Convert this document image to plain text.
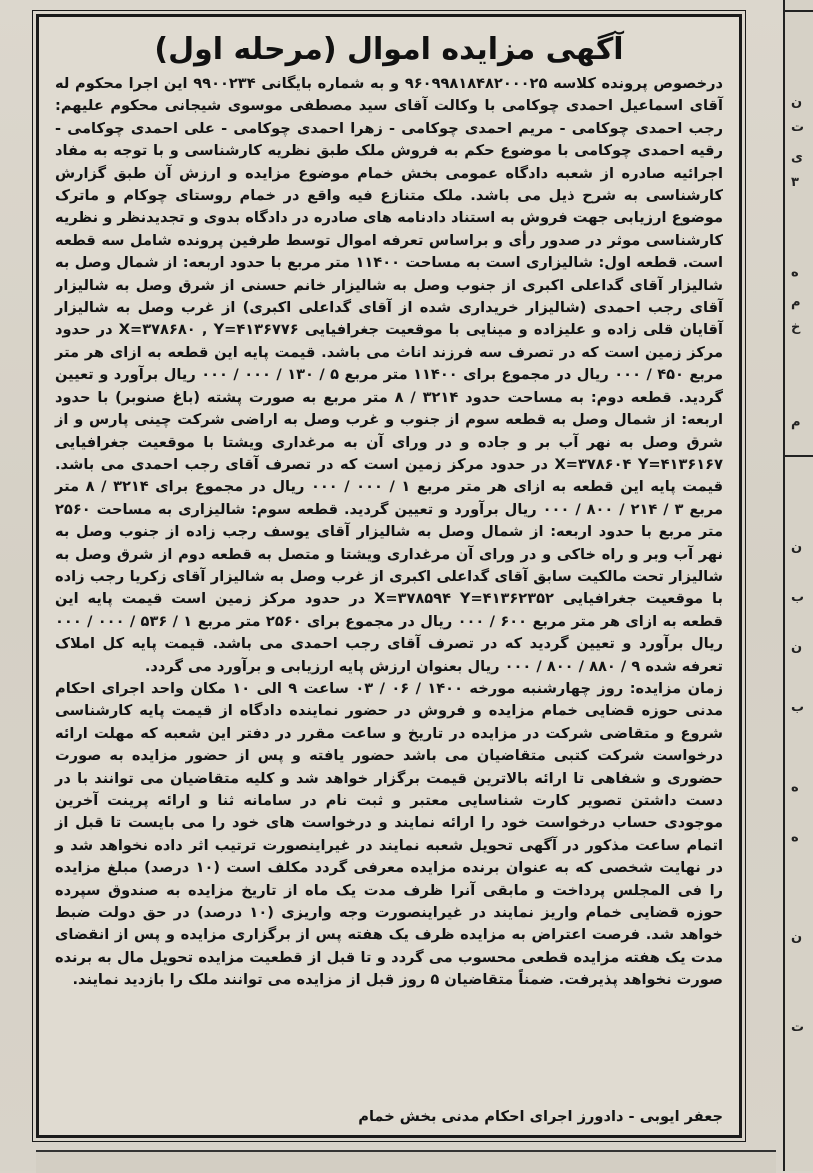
آگهی مزایده اموال (مرحله اول)

درخصوص پرونده کلاسه ۹۶۰۹۹۸۱۸۴۸۲۰۰۰۲۵ و به شماره بایگانی ۹۹۰۰۲۳۴ این اجرا محکوم له آقای اسماعیل احمدی چوکامی با وکالت آقای سید مصطفی موسوی شیجانی محکوم علیهم: رجب احمدی چوکامی - مریم احمدی چوکامی - زهرا احمدی چوکامی - علی احمدی چوکامی - رقیه احمدی چوکامی با موضوع حکم به فروش ملک طبق نظریه کارشناسی و با توجه به مفاد اجرائیه صادره از شعبه دادگاه عمومی بخش خمام موضوع مزایده و ارزش آن طبق گزارش کارشناسی به شرح ذیل می باشد. ملک متنازع فیه واقع در خمام روستای چوکام و ماترک موضوع ارزیابی جهت فروش به استناد دادنامه های صادره در دادگاه بدوی و تجدیدنظر و نظریه کارشناسی موثر در صدور رأی و براساس تعرفه اموال توسط طرفین پرونده شامل سه قطعه است. قطعه اول: شالیزاری است به مساحت ۱۱۴۰۰ متر مربع با حدود اربعه: از شمال وصل به شالیزار آقای گداعلی اکبری از جنوب وصل به شالیزار خانم حسنی از شرق وصل به شالیزار آقای رجب احمدی (شالیزار خریداری شده از آقای گداعلی اکبری) از غرب وصل به شالیزار آقایان قلی زاده و علیزاده و مینایی با موقعیت جغرافیایی X=۳۷۸۶۸۰ , Y=۴۱۳۶۷۷۶ در حدود مرکز زمین است که در تصرف سه فرزند اناث می باشد. قیمت پایه این قطعه به ازای هر متر مربع ۴۵۰ / ۰۰۰ ریال در مجموع برای ۱۱۴۰۰ متر مربع ۵ / ۱۳۰ / ۰۰۰ / ۰۰۰ ریال برآورد و تعیین گردید. قطعه دوم: به مساحت حدود ۳۲۱۴ / ۸ متر مربع به صورت پشته (باغ صنوبر) با حدود اربعه: از شمال وصل به قطعه سوم از جنوب و غرب وصل به اراضی شرکت چینی پارس و از شرق وصل به نهر آب بر و جاده و در ورای آن به مرغداری ویشتا با موقعیت جغرافیایی X=۳۷۸۶۰۴ Y=۴۱۳۶۱۶۷ در حدود مرکز زمین است که در تصرف آقای رجب احمدی می باشد. قیمت پایه این قطعه به ازای هر متر مربع ۱ / ۰۰۰ / ۰۰۰ ریال در مجموع برای ۳۲۱۴ / ۸ متر مربع ۳ / ۲۱۴ / ۸۰۰ / ۰۰۰ ریال برآورد و تعیین گردید. قطعه سوم: شالیزاری به مساحت ۲۵۶۰ متر مربع با حدود اربعه: از شمال وصل به شالیزار آقای یوسف رجب زاده از جنوب وصل به نهر آب وبر و راه خاکی و در ورای آن مرغداری ویشتا و متصل به قطعه دوم از شرق وصل به شالیزار تحت مالکیت سابق آقای گداعلی اکبری از غرب وصل به شالیزار آقای زکریا رجب زاده با موقعیت جغرافیایی X=۳۷۸۵۹۴ Y=۴۱۳۶۲۳۵۲ در حدود مرکز زمین است قیمت پایه این قطعه به ازای هر متر مربع ۶۰۰ / ۰۰۰ ریال در مجموع برای ۲۵۶۰ متر مربع ۱ / ۵۳۶ / ۰۰۰ / ۰۰۰ ریال برآورد و تعیین گردید که در تصرف آقای رجب احمدی می باشد. قیمت پایه کل املاک تعرفه شده ۹ / ۸۸۰ / ۸۰۰ / ۰۰۰ ریال بعنوان ارزش پایه ارزیابی و برآورد می گردد.

زمان مزایده: روز چهارشنبه مورخه ۱۴۰۰ / ۰۶ / ۰۳ ساعت ۹ الی ۱۰ مکان واحد اجرای احکام مدنی حوزه قضایی خمام مزایده و فروش در حضور نماینده دادگاه از قیمت پایه کارشناسی شروع و متقاضی شرکت در مزایده در تاریخ و ساعت مقرر در دفتر این شعبه که مهلت ارائه درخواست شرکت کتبی متقاضیان می باشد حضور یافته و پس از حضور مزایده به صورت حضوری و شفاهی تا ارائه بالاترین قیمت برگزار خواهد شد و کلیه متقاضیان می توانند با در دست داشتن تصویر کارت شناسایی معتبر و ثبت نام در سامانه ثنا و ارائه پرینت آخرین موجودی حساب درخواست خود را ارائه نمایند و درخواست های خود را می بایست تا قبل از اتمام ساعت مذکور در آگهی تحویل شعبه نمایند در غیراینصورت ترتیب اثر داده نخواهد شد و در نهایت شخصی که به عنوان برنده مزایده معرفی گردد مکلف است (۱۰ درصد) مبلغ مزایده را فی المجلس پرداخت و مابقی آنرا ظرف مدت یک ماه از تاریخ مزایده به صندوق سپرده حوزه قضایی خمام واریز نمایند در غیراینصورت وجه واریزی (۱۰ درصد) در حق دولت ضبط خواهد شد. فرصت اعتراض به مزایده ظرف یک هفته پس از برگزاری مزایده و پس از انقضای مدت یک هفته مزایده قطعی محسوب می گردد و تا قبل از قطعیت مزایده تحویل مال به برنده صورت نخواهد پذیرفت. ضمناً متقاضیان ۵ روز قبل از مزایده می توانند ملک را بازدید نمایند.

جعفر ایوبی - دادورز اجرای احکام مدنی بخش خمام
ن
ت
ی
۳
ه
م
خ
م
ن
ب
ن
ب
ه
ه
ن
ت
